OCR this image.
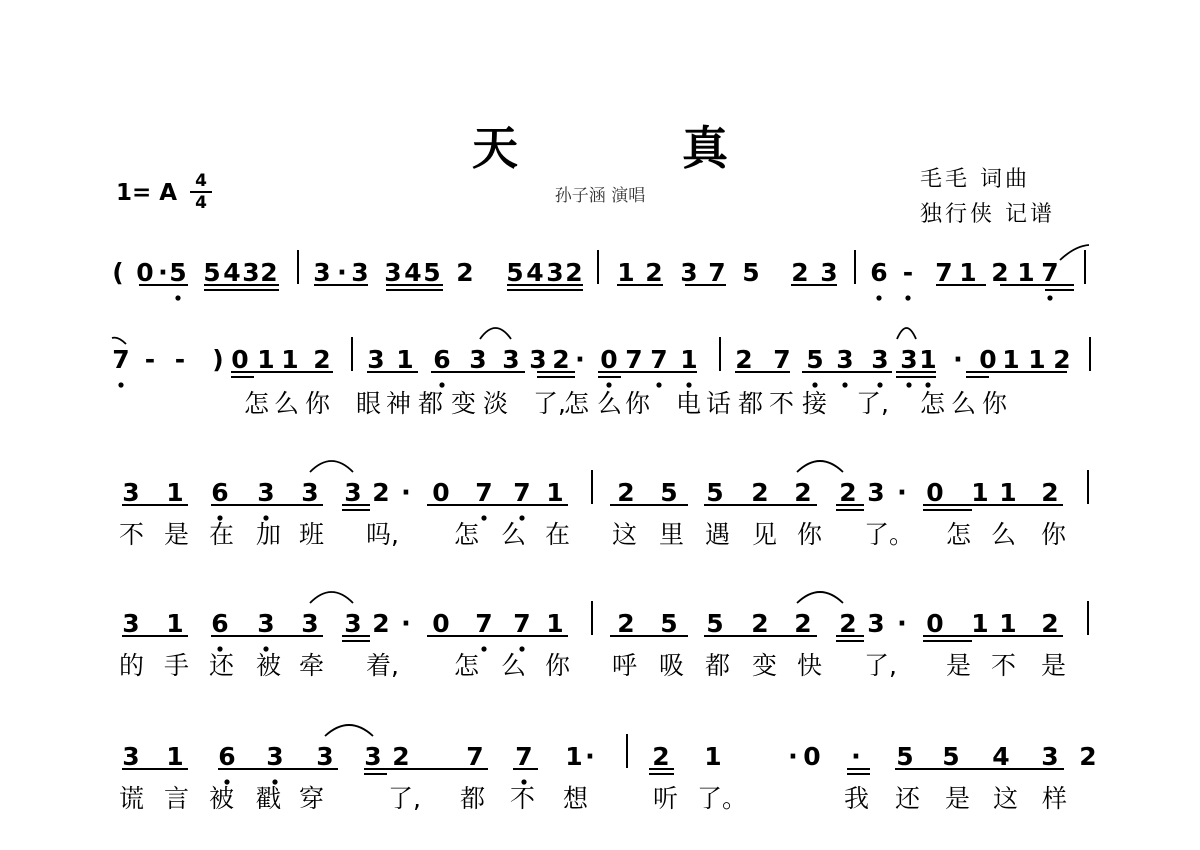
天 真
孙子涵 演唱
毛毛 词曲
独行侠 记谱
1= A 4
4
( 0 · 5 5 4 3 2 3 · 3 3 4 5 2 5 4 3 2 1 2 3 7 5 2 3 6 - 7 1 2 1 7
7 - - ) 0 1 1 2 3 1 6 3 3 3 2 · 0 7 7 1 2 7 5 3 3 3 1 · 0 1 1 2
3 1 6 3 3 3 2 · 0 7 7 1 2 5 5 2 2 2 3 · 0 1 1 2
3 1 6 3 3 3 2 · 0 7 7 1 2 5 5 2 2 2 3 · 0 1 1 2
3 1 6 3 3 3 2 7 7 1 · 2 1	· 0 · 5 5 4 3 2
怎 么 你 眼 神 都 变 淡 了,
怎 么 你 电 话 都 不 接 了, 怎 么 你
不 是 在 加 班 吗, 怎 么 在 这 里 遇 见 你 了。 怎 么 你
的 手 还 被 牵 着, 怎 么 你 呼 吸 都 变 快 了, 是 不 是
谎 言 被 戳 穿	了, 都 不 想	听 了。	我 还 是 这 样
